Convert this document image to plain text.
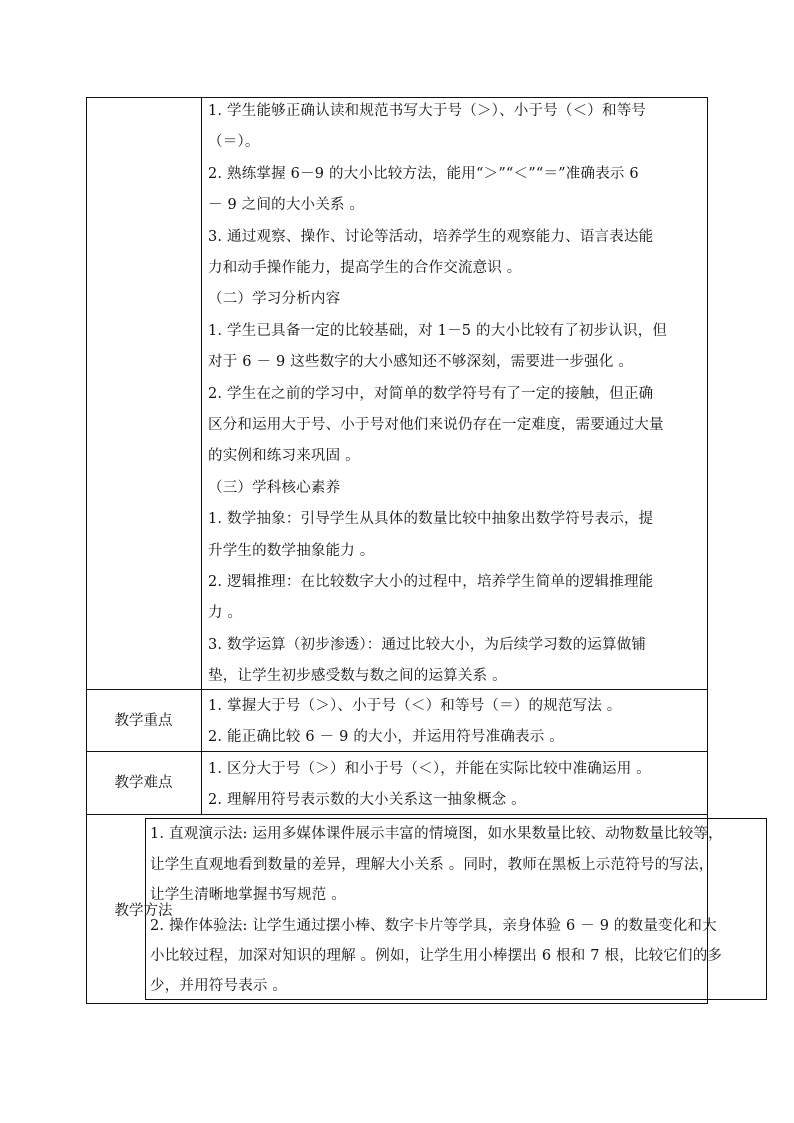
1. 学生能够正确认读和规范书写大于号（＞）、小于号（＜）和等号
（＝）。
2. 熟练掌握 6－9 的大小比较方法，能用“＞”“＜”“＝”准确表示 6
－ 9 之间的大小关系 。
3. 通过观察、操作、讨论等活动，培养学生的观察能力、语言表达能
力和动手操作能力，提高学生的合作交流意识 。
（二）学习分析内容
1. 学生已具备一定的比较基础，对 1－5 的大小比较有了初步认识，但
对于 6 － 9 这些数字的大小感知还不够深刻，需要进一步强化 。
2. 学生在之前的学习中，对简单的数学符号有了一定的接触，但正确
区分和运用大于号、小于号对他们来说仍存在一定难度，需要通过大量
的实例和练习来巩固 。
（三）学科核心素养
1. 数学抽象：引导学生从具体的数量比较中抽象出数学符号表示，提
升学生的数学抽象能力 。
2. 逻辑推理：在比较数字大小的过程中，培养学生简单的逻辑推理能
力 。
3. 数学运算（初步渗透）：通过比较大小，为后续学习数的运算做铺
垫，让学生初步感受数与数之间的运算关系 。
教学重点
1. 掌握大于号（＞）、小于号（＜）和等号（＝）的规范写法 。
2. 能正确比较 6 － 9 的大小，并运用符号准确表示 。
教学难点
1. 区分大于号（＞）和小于号（＜），并能在实际比较中准确运用 。
2. 理解用符号表示数的大小关系这一抽象概念 。
教学方法
1. 直观演示法: 运用多媒体课件展示丰富的情境图，如水果数量比较、动物数量比较等，
让学生直观地看到数量的差异，理解大小关系 。同时，教师在黑板上示范符号的写法，
让学生清晰地掌握书写规范 。
2. 操作体验法: 让学生通过摆小棒、数字卡片等学具，亲身体验 6 － 9 的数量变化和大
小比较过程，加深对知识的理解 。例如，让学生用小棒摆出 6 根和 7 根，比较它们的多
少，并用符号表示 。
